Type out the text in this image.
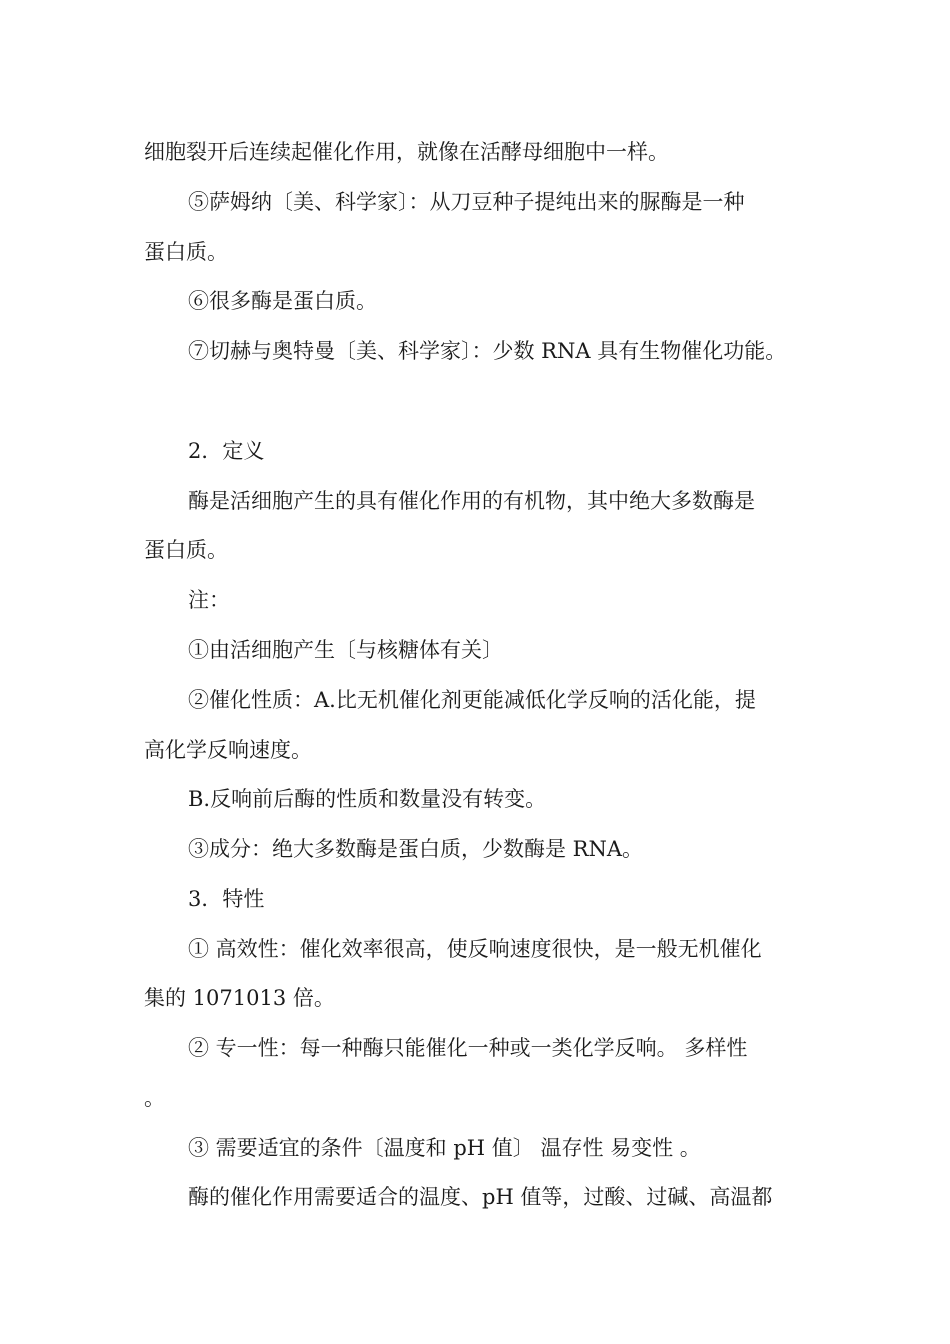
细胞裂开后连续起催化作用，就像在活酵母细胞中一样。
⑤萨姆纳〔美、科学家〕：从刀豆种子提纯出来的脲酶是一种
蛋白质。
⑥很多酶是蛋白质。
⑦切赫与奥特曼〔美、科学家〕：少数 RNA 具有生物催化功能。
2．定义
酶是活细胞产生的具有催化作用的有机物，其中绝大多数酶是
蛋白质。
注：
①由活细胞产生〔与核糖体有关〕
②催化性质：A.比无机催化剂更能减低化学反响的活化能，提
高化学反响速度。
B.反响前后酶的性质和数量没有转变。
③成分：绝大多数酶是蛋白质，少数酶是 RNA。
3．特性
① 高效性：催化效率很高，使反响速度很快，是一般无机催化
集的 1071013 倍。
② 专一性：每一种酶只能催化一种或一类化学反响。 多样性
。
③ 需要适宜的条件〔温度和 pH 值〕 温存性 易变性 。
酶的催化作用需要适合的温度、pH 值等，过酸、过碱、高温都
